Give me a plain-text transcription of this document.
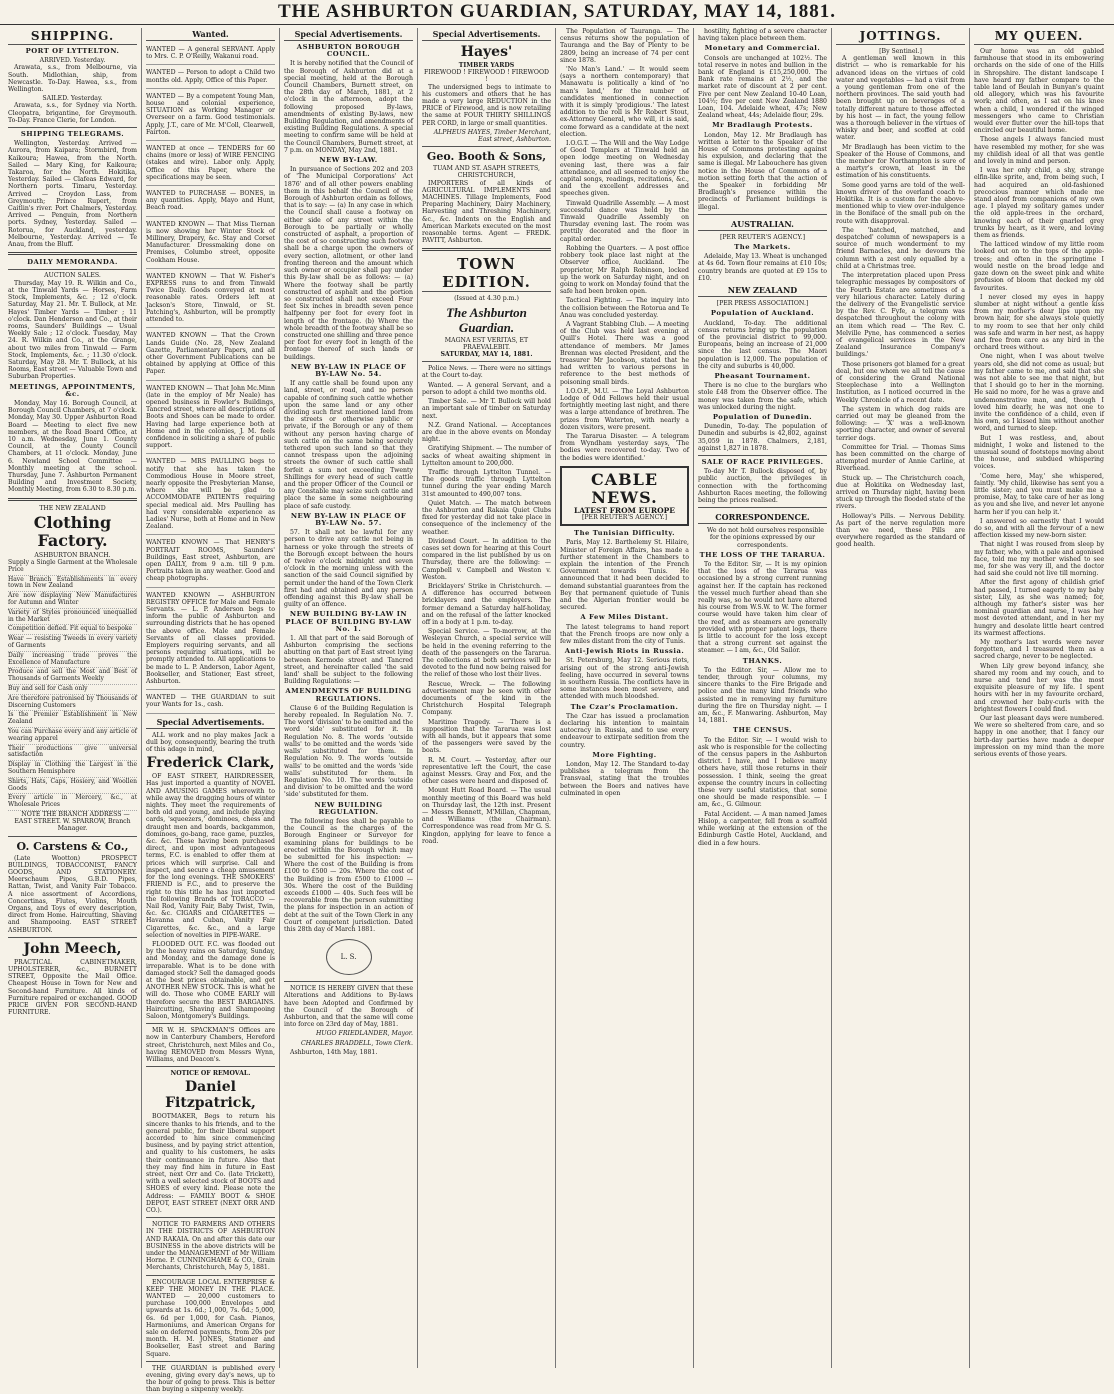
THE ASHBURTON GUARDIAN, SATURDAY, MAY 14, 1881.
SHIPPING.
PORT OF LYTTELTON.
ARRIVED. Yesterday.

Arawata, s.s., from Melbourne, via South. Midlothian, ship, from Newcastle. To-Day. Hawea, s.s., from Wellington.

SAILED. Yesterday.

Arawata, s.s., for Sydney via North. Cleopatra, brigantine, for Greymouth. To-Day. France Clerie, for London.

SHIPPING TELEGRAMS.

Wellington, Yesterday. Arrived — Aurora, from Kaipara; Stormbird, from Kaikoura; Hawea, from the North. Sailed — Mary King, for Kaikoura; Takaroa, for the North. Hokitika, Yesterday. Sailed — Clafeas Edward, for Northern ports. Timaru, Yesterday. Arrived — Croydon Lass, from Greymouth; Prince Rupert, from Caitlin's river. Port Chalmers, Yesterday. Arrived — Penguin, from Northern ports. Sydney, Yesterday. Sailed — Rotorua, for Auckland, yesterday. Melbourne, Yesterday. Arrived — Te Anau, from the Bluff.

DAILY MEMORANDA.
AUCTION SALES.

Thursday, May 19. R. Wilkin and Co., at the Tinwald Yards — Horses, Farm Stock, Implements, &c. ; 12 o'clock. Saturday, May 21. Mr. T. Bullock, at Mr. Hayes' Timber Yards — Timber ; 11 o'clock. Dan Henderson and Co., at their rooms, Saunders' Buildings — Usual Weekly Sale ; 12 o'clock. Tuesday, May 24. R. Wilkin and Co., at the Grange, about two miles from Tinwald — Farm Stock, Implements, &c. ; 11.30 o'clock. Saturday, May 28. Mr. T. Bullock, at his Rooms, East street — Valuable Town and Suburban Properties.

MEETINGS, APPOINTMENTS, &c.

Monday, May 16. Borough Council, at Borough Council Chambers, at 7 o'clock. Monday, May 30. Upper Ashburton Road Board — Meeting to elect five new members, at the Road Board Office, at 10 a.m. Wednesday, June 1. County Council, at the County Council Chambers, at 11 o'clock. Monday, June 6. Newland School Committee — Monthly meeting at the school. Thursday, June 7. Ashburton Permanent Building and Investment Society, Monthly Meeting, from 6.30 to 8.30 p.m.

THE NEW ZEALAND
Clothing Factory.
ASHBURTON BRANCH.
Supply a Single Garment at the Wholesale Price
Have Branch Establishments in every town in New Zealand
Are now displaying New Manufactures for Autumn and Winter
Variety of Styles pronounced unequalled in the Market
Competition defied. Fit equal to bespoke
Wear — resisting Tweeds in every variety of Garments
Daily increasing trade proves the Excellence of Manufacture
Produce and sell the Most and Best of Thousands of Garments Weekly
Buy and sell for Cash only
Are therefore patronised by Thousands of Discerning Customers
Is the Premier Establishment in New Zealand
You can Purchase every and any article of wearing apparel
Their productions give universal satisfaction
Display in Clothing the Largest in the Southern Hemisphere
Shirts, Hats, Caps, Hosiery, and Woollen Goods
Every article in Mercery, &c., at Wholesale Prices

NOTE THE BRANCH ADDRESS — EAST STREET. W. SPARROW, Branch Manager.

O. Carstens & Co.,

(Late Wootton) PROSPECT BUILDINGS, TOBACCONIST, FANCY GOODS, AND STATIONERY. Meerschaum Pipes, G.B.D. Pipes, Rattan, Twist, and Vanity Fair Tobacco. A nice assortment of Accordions, Concertinas, Flutes, Violins, Mouth Organs, and Toys of every description, direct from Home. Haircutting, Shaving and Shampooing. EAST STREET ASHBURTON.

John Meech,

PRACTICAL CABINETMAKER, UPHOLSTERER, &c., BURNETT STREET, Opposite the Mail Office. Cheapest House in Town for New and Second-hand Furniture. All kinds of Furniture repaired or exchanged. GOOD PRICE GIVEN FOR SECOND-HAND FURNITURE.

Wanted.

WANTED — A general SERVANT. Apply to Mrs. C. P. O'Reilly, Wakanui road.

WANTED — Person to adopt a Child two months old. Apply, Office of this Paper.

WANTED — By a competent Young Man, house and colonial experience, SITUATION as Working Manager or Overseer on a farm. Good testimonials. Apply, J.T., care of Mr. M'Coll, Clearwell, Fairton.

WANTED at once — TENDERS for 60 chains (more or less) of WIRE FENCING (stakes and wire). Labor only. Apply, Office of this Paper, where the specifications may be seen.

WANTED to PURCHASE — BONES, in any quantities. Apply, Mayo and Hunt, Beach road.

WANTED KNOWN — That Miss Tiernan is now showing her Winter Stock of Millinery, Drapery, &c. Stay and Corset Manufacturer. Dressmaking done on Premises, Columbo street, opposite Cookham House.

WANTED KNOWN — That W. Fisher's EXPRESS runs to and from Tinwald Twice Daily. Goods conveyed at most reasonable rates. Orders left at Jackson's Store, Tinwald, or St. Patching's, Ashburton, will be promptly attended to.

WANTED KNOWN — That the Crown Lands Guide (No. 28, New Zealand Gazette, Parliamentary Papers, and all other Government Publications can be obtained by applying at Office of this Paper.

WANTED KNOWN — That John Mc.Minn (late in the employ of Mr Neale) has opened business in Fowler's Buildings, Tancred street, where all descriptions of Boots and Shoes can be made to order. Having had large experience both at Home and in the colonies, J. M. feels confidence in soliciting a share of public support.

WANTED — MRS PAULLING begs to notify that she has taken the Commodious House in Moore street, nearly opposite the Presbyterian Manse, where she will be glad to ACCOMMODATE PATIENTS requiring special medical aid. Mrs Paulling has had very considerable experience as Ladies' Nurse, both at Home and in New Zealand.

WANTED KNOWN — That HENRY'S PORTRAIT ROOMS, Saunders' Buildings, East street, Ashburton, are open DAILY, from 9 a.m. till 9 p.m. Portraits taken in any weather. Good and cheap photographs.

WANTED KNOWN — ASHBURTON REGISTRY OFFICE for Male and Female Servants. — L. P. Anderson begs to inform the public of Ashburton and surrounding districts that he has opened the above office. Male and Female Servants of all classes provided. Employers requiring servants, and all persons requiring situations, will be promptly attended to. All applications to be made to L. P. Anderson, Labor Agent, Bookseller, and Stationer, East street, Ashburton.

WANTED — THE GUARDIAN to suit your Wants for 1s., cash.

Special Advertisements.

ALL work and no play makes Jack a dull boy, consequently, bearing the truth of this adage in mind,

Frederick Clark,

OF EAST STREET, HAIRDRESSER, Has just imported a quantity of NOVEL AND AMUSING GAMES wherewith to while away the dragging hours of winter nights. They meet the requirements of both old and young, and include playing cards, 'squeezers,' dominoes, chess and draught men and boards, backgammon, dominoes, go-bang, race game, puzzles, &c. &c. These having been purchased direct, and upon most advantageous terms, F.C. is enabled to offer them at prices which will surprise. Call and inspect, and secure a cheap amusement for the long evenings. THE SMOKERS' FRIEND is F.C., and to preserve the right to this title he has just imported the following Brands of TOBACCO — Nail Rod, Vanity Fair, Baby Twist, Twin, &c. &c. CIGARS and CIGARETTES — Havanna and Cuban, Vanity Fair Cigarettes, &c. &c., and a large selection of novelties in PIPE-WARE.

FLOODED OUT. F.C. was flooded out by the heavy rains on Saturday, Sunday, and Monday, and the damage done is irreparable. What is to be done with damaged stock? Sell the damaged goods at the best prices obtainable, and get ANOTHER NEW STOCK. This is what he will do. Those who COME EARLY will therefore secure the BEST BARGAINS. Haircutting, Shaving and Shampooing Saloon, Montgomery's Buildings.

MR W. H. SPACKMAN'S Offices are now in Canterbury Chambers, Hereford street, Christchurch, next Miles and Co., having REMOVED from Messrs Wynn, Williams, and Deacon's.

NOTICE OF REMOVAL.
Daniel Fitzpatrick,

BOOTMAKER, Begs to return his sincere thanks to his friends, and to the general public, for their liberal support accorded to him since commencing business, and by paying strict attention, and quality to his customers, he asks their continuance in future. Also that they may find him in future in East street, next Orr and Co. (late Trickett), with a well selected stock of BOOTS and SHOES of every kind. Please note the Address: — FAMILY BOOT & SHOE DEPOT, EAST STREET (NEXT ORR AND CO.).

NOTICE TO FARMERS AND OTHERS IN THE DISTRICTS OF ASHBURTON AND RAKAIA. On and after this date our BUSINESS in the above districts will be under the MANAGEMENT of Mr William Horne. P. CUNNINGHAME & CO., Grain Merchants, Christchurch, May 5, 1881.

ENCOURAGE LOCAL ENTERPRISE & KEEP THE MONEY IN THE PLACE. WANTED — 20,000 customers to purchase 100,000 Envelopes and upwards at 1s. 6d.; 1,000, 7s. 6d.; 5,000, 6s. 6d per 1,000, for Cash. Pianos, Harmoniums, and American Organs for sale on deferred payments, from 20s per month. H. M. JONES, Stationer and Bookseller, East street and Baring Square.

THE GUARDIAN is published every evening, giving every day's news, up to the hour of going to press. This is better than buying a sixpenny weekly.

Special Advertisements.
ASHBURTON BOROUGH COUNCIL.

It is hereby notified that the Council of the Borough of Ashburton did at a special meeting, held at the Borough Council Chambers, Burnett street, on the 28th day of March, 1881, at 2 o'clock in the afternoon, adopt the following proposed By-laws, amendments of existing By-laws, new Building Regulation, and amendments of existing Building Regulations. A special meeting to confirm same will be held at the Council Chambers, Burnett street, at 7 p.m. on MONDAY, May 2nd, 1881.

NEW BY-LAW.

In pursuance of Sections 202 and 203 of 'The Municipal Corporations' Act 1876' and of all other powers enabling them in this behalf the Council of the Borough of Ashburton ordain as follows, that is to say: — (a) In any case in which the Council shall cause a footway on either side of any street within the Borough to be partially or wholly constructed of asphalt, a proportion of the cost of so constructing such footway shall be a charge upon the owners of every section, allotment, or other land fronting thereon and the amount which such owner or occupier shall pay under this By-law shall be as follows: — (a) Where the footway shall be partly constructed of asphalt and the portion so constructed shall not exceed Four feet Six inches in breadth seven pence halfpenny per foot for every foot in length of the frontage. (b) Where the whole breadth of the footway shall be so constructed one shilling and three pence per foot for every foot in length of the frontage thereof of such lands or buildings.

NEW BY-LAW IN PLACE OF BY-LAW No. 54.

If any cattle shall be found upon any land, street, or road, and no person capable of confining such cattle whether upon the same land or any other dividing such first mentioned land from the streets or otherwise public or private, if the Borough or any of them without any person having charge of such cattle on the same being securely tethered upon such land so that they cannot trespass upon the adjoining streets the owner of such cattle shall forfeit a sum not exceeding Twenty Shillings for every head of such cattle and the proper Officer of the Council or any Constable may seize such cattle and place the same in some neighbouring place of safe custody.

NEW BY-LAW IN PLACE OF BY-LAW No. 57.

57. It shall not be lawful for any person to drive any cattle not being in harness or yoke through the streets of the Borough except between the hours of twelve o'clock midnight and seven o'clock in the morning unless with the sanction of the said Council signified by permit under the hand of the Town Clerk first had and obtained and any person offending against this By-law shall be guilty of an offence.

NEW BUILDING BY-LAW IN PLACE OF BUILDING BY-LAW No. 1.

1. All that part of the said Borough of Ashburton comprising the sections abutting on that part of East street lying between Kermode street and Tancred street, and hereinafter called 'the said land' shall be subject to the following Building Regulations: —

AMENDMENTS OF BUILDING REGULATIONS.

Clause 6 of the Building Regulation is hereby repealed. In Regulation No. 7. The word 'division' to be omitted and the word 'side' substituted for it. In Regulation No. 8. The words 'outside walls' to be omitted and the words 'side walls' substituted for them. In Regulation No. 9. The words 'outside walls' to be omitted and the words 'side walls' substituted for them. In Regulation No. 10. The words 'outside and division' to be omitted and the word 'side' substituted for them.

NEW BUILDING REGULATION.

The following fees shall be payable to the Council as the charges of the Borough Engineer or Surveyor for examining plans for buildings to be erected within the Borough which may be submitted for his inspection: — Where the cost of the Building is from £100 to £500 — 20s. Where the cost of the Building is from £500 to £1000 — 30s. Where the cost of the Building exceeds £1000 — 40s. Such fees will be recoverable from the person submitting the plans for inspection in an action of debt at the suit of the Town Clerk in any Court of competent jurisdiction. Dated this 28th day of March 1881.

L. S.

NOTICE IS HEREBY GIVEN that these Alterations and Additions to By-laws have been Adopted and Confirmed by the Council of the Borough of Ashburton, and that the same will come into force on 23rd day of May, 1881.

HUGO FRIEDLANDER, Mayor.

CHARLES BRADDELL, Town Clerk.

Ashburton, 14th May, 1881.

Special Advertisements.
Hayes'
TIMBER YARDS
FIREWOOD ! FIREWOOD ! FIREWOOD !

The undersigned begs to intimate to his customers and others that he has made a very large REDUCTION in the PRICE of Firewood, and is now retailing the same at FOUR THIRTY SHILLINGS PER CORD, in large or small quantities.

ALPHEUS HAYES, Timber Merchant, East street, Ashburton.

Geo. Booth & Sons,
TUAM AND ST. ASAPH STREETS, CHRISTCHURCH,

IMPORTERS of all kinds of AGRICULTURAL IMPLEMENTS and MACHINES. Tillage Implements, Food Preparing Machinery, Dairy Machinery, Harvesting and Threshing Machinery, &c., &c. Indents on the English and American Markets executed on the most reasonable terms. Agent — FREDK. PAVITT, Ashburton.

TOWN EDITION.
(Issued at 4.30 p.m.)
The Ashburton Guardian.
MAGNA EST VERITAS, ET PRAEVALEBIT.
SATURDAY, MAY 14, 1881.

Police News. — There were no sittings at the Court to-day.

Wanted. — A general Servant, and a person to adopt a child two months old.

Timber Sale. — Mr T. Bullock will hold an important sale of timber on Saturday next.

N.Z. Grand National. — Acceptances are due in the above events on Monday night.

Gratifying Shipment. — The number of sacks of wheat awaiting shipment in Lyttelton amount to 200,000.

Traffic through Lyttelton Tunnel. — The goods traffic through Lyttelton tunnel during the year ending March 31st amounted to 490,007 tons.

Quiet Match. — The match between the Ashburton and Rakaia Quiet Clubs fixed for yesterday did not take place in consequence of the inclemency of the weather.

Dividend Court. — In addition to the cases set down for hearing at this Court compared in the list published by us on Thursday, there are the following: — Campbell v. Campbell and Weston v. Weston.

Bricklayers' Strike in Christchurch. — A difference has occurred between bricklayers and the employers. The former demand a Saturday half-holiday, and on the refusal of the latter knocked off in a body at 1 p.m. to-day.

Special Service. — To-morrow, at the Wesleyan Church, a special service will be held in the evening referring to the death of the passengers on the Tararua. The collections at both services will be devoted to the fund now being raised for the relief of those who lost their lives.

Rescue, Wreck. — The following advertisement may be seen with other documents of the kind in the Christchurch Hospital Telegraph Company.

Maritime Tragedy. — There is a supposition that the Tararua was lost with all hands, but it appears that some of the passengers were saved by the boats.

R. M. Court. — Yesterday, after our representative left the Court, the case against Messrs. Gray and Fox, and the other cases were heard and disposed of.

Mount Hutt Road Board. — The usual monthly meeting of this Board was held on Thursday last, the 12th inst. Present — Messrs Bennett, M'Millan, Chapman, and Williams (the Chairman). Correspondence was read from Mr G. S. Kingdon, applying for leave to fence a road.

The Population of Tauranga. — The census returns show the population of Tauranga and the Bay of Plenty to be 2809, being an increase of 74 per cent since 1878.

'No Man's Land.' — It would seem (says a northern contemporary) that Manawatu is politically a kind of 'no man's land,' for the number of candidates mentioned in connection with it is simply 'prodigious.' The latest addition to the roll is Mr Robert Stout, ex-Attorney General, who will, it is said, come forward as a candidate at the next election.

I.O.G.T. — The Will and the Way Lodge of Good Templars at Tinwald held an open lodge meeting on Wednesday evening last, there was a fair attendance, and all seemed to enjoy the capital songs, readings, recitations, &c., and the excellent addresses and speeches given.

Tinwald Quadrille Assembly. — A most successful dance was held by the Tinwald Quadrille Assembly on Thursday evening last. The room was prettily decorated and the floor in capital order.

Robbing the Quarters. — A post office robbery took place last night at the Observer office, Auckland. The proprietor, Mr Ralph Robinson, locked up the work on Saturday night, and on going to work on Monday found that the safe had been broken open.

Tactical Fighting. — The inquiry into the collision between the Rotorua and Te Anau was concluded yesterday.

A Vagrant Stabbing Club. — A meeting of the Club was held last evening at Quill's Hotel. There was a good attendance of members. Mr James Brennan was elected President, and the treasurer Mr Jacobson, stated that he had written to various persons in reference to the best methods of poisoning small birds.

I.O.O.F., M.U. — The Loyal Ashburton Lodge of Odd Fellows held their usual fortnightly meeting last night, and there was a large attendance of brethren. The prizes from Waterton, with nearly a dozen visitors, were present.

The Tararua Disaster. — A telegram from Wyndham yesterday says, 'The bodies were recovered to-day. Two of the bodies were identified.'

CABLE NEWS.
LATEST FROM EUROPE
[PER REUTER'S AGENCY.]
The Tunisian Difficulty.

Paris, May 12. Barthelemy St. Hilaire, Minister of Foreign Affairs, has made a further statement in the Chambers to explain the intention of the French Government towards Tunis. He announced that it had been decided to demand substantial guarantees from the Bey that permanent quietude of Tunis and the Algerian frontier would be secured.

A Few Miles Distant.

The latest telegrams to hand report that the French troops are now only a few miles distant from the city of Tunis.

Anti-Jewish Riots in Russia.

St. Petersburg, May 12. Serious riots, arising out of the strong anti-Jewish feeling, have occurred in several towns in southern Russia. The conflicts have in some instances been most severe, and attended with much bloodshed.

The Czar's Proclamation.

The Czar has issued a proclamation declaring his intention to maintain autocracy in Russia, and to use every endeavour to extirpate sedition from the country.

More Fighting.

London, May 12. The Standard to-day publishes a telegram from the Transvaal, stating that the troubles between the Boers and natives have culminated in open

hostility, fighting of a severe character having taken place between them.

Monetary and Commercial.

Consols are unchanged at 102½. The total reserve in notes and bullion in the bank of England is £15,250,000. The Bank rate remains at 2½, and the market rate of discount at 2 per cent. Five per cent New Zealand 10-40 Loan, 104½; five per cent New Zealand 1880 Loan, 104. Adelaide wheat, 47s; New Zealand wheat, 44s; Adelaide flour, 29s.

Mr Bradlaugh Protests.

London, May 12. Mr Bradlaugh has written a letter to the Speaker of the House of Commons protesting against his expulsion, and declaring that the same is illegal. Mr Labouchere has given notice in the House of Commons of a motion setting forth that the action of the Speaker in forbidding Mr Bradlaugh's presence within the precincts of Parliament buildings is illegal.

AUSTRALIAN.
[PER REUTER'S AGENCY.]
The Markets.

Adelaide, May 13. Wheat is unchanged at 4s 6d. Town flour remains at £10 10s; country brands are quoted at £9 15s to £10.

NEW ZEALAND
[PER PRESS ASSOCIATION.]
Population of Auckland.

Auckland, To-day. The additional census returns bring up the population of the provincial district to 99,000. Europeans, being an increase of 21,000 since the last census. The Maori population is 12,000. The population of the city and suburbs is 40,000.

Pheasant Tournament.

There is no clue to the burglars who stole £48 from the Observer office. The money was taken from the safe, which was unlocked during the night.

Population of Dunedin.

Dunedin, To-day. The population of Dunedin and suburbs is 42,802, against 35,059 in 1878. Chalmers, 2,181, against 1,827 in 1878.

SALE OF RACE PRIVILEGES.

To-day Mr T. Bullock disposed of, by public auction, the privileges in connection with the forthcoming Ashburton Races meeting, the following being the prices realised.

CORRESPONDENCE.

We do not hold ourselves responsible for the opinions expressed by our correspondents.

THE LOSS OF THE TARARUA.

To the Editor. Sir, — It is my opinion that the loss of the Tararua was occasioned by a strong current running against her. If the captain has reckoned the vessel much further ahead than she really was, so he would not have altered his course from W.S.W. to W. The former course would have taken him clear of the reef, and as steamers are generally provided with proper patent logs, there is little to account for the loss except that a strong current set against the steamer. — I am, &c., Old Sailor.

THANKS.

To the Editor. Sir, — Allow me to tender, through your columns, my sincere thanks to the Fire Brigade and police and the many kind friends who assisted me in removing my furniture during the fire on Thursday night. — I am, &c., F. Manwaring. Ashburton, May 14, 1881.

THE CENSUS.

To the Editor. Sir, — I would wish to ask who is responsible for the collecting of the census papers in the Ashburton district. I have, and I believe many others have, still those returns in their possession. I think, seeing the great expense the country incurs in collecting these very useful statistics, that some one should be made responsible. — I am, &c., G. Gilmour.

Fatal Accident. — A man named James Hislop, a carpenter, fell from a scaffold while working at the extension of the Edinburgh Castle Hotel, Auckland, and died in a few hours.

JOTTINGS.
[By Sentinel.]

A gentleman well known in this district — who is remarkable for his advanced ideas on the virtues of cold water and vegetables — had a visit from a young gentleman from one of the northern provinces. The said youth had been brought up on beverages of a totally different nature to those affected by his host — in fact, the young fellow was a thorough believer in the virtues of whisky and beer, and scoffed at cold water.

Mr Bradlaugh has been victim to the Speaker of the House of Commons, and the member for Northampton is sure of a martyr's crown, at least in the estimation of his constituents.

Some good yarns are told of the well-known driver of the overland coach to Hokitika. It is a custom for the above-mentioned whip to view over-indulgence in the Boniface of the small pub on the route with disapproval.

The 'hatched, matched, and despatched' column of newspapers is a source of much wonderment to my friend Barnacles, and he devours the column with a zest only equalled by a child at a Christmas tree.

The interpretation placed upon Press telegraphic messages by compositors of the Fourth Estate are sometimes of a very hilarious character. Lately during the delivery of the Evangelistic service by the Rev. C. Fyfe, a telegram was despatched throughout the colony with an item which read — 'The Rev. C. Melville Pyne, has commenced a series of evangelical services in the New Zealand Insurance Company's buildings.'

Those prisoners got blamed for a great deal, but one whom we all tell the cause of considering the Grand National Steeplechase into a Wellington Institution, as I noticed occurred in the Weekly Chronicle of a recent date.

The system in which dog raids are carried out may be gleaned from the following: — 'X' was a well-known sporting character, and owner of several terrier dogs.

Committee for Trial. — Thomas Sims has been committed on the charge of attempted murder of Annie Carline, at Riverhead.

Stuck up. — The Christchurch coach, due at Hokitika on Wednesday last, arrived on Thursday night, having been stuck up through the flooded state of the rivers.

Holloway's Pills. — Nervous Debility. As part of the nerve regulation more than we need, these Pills are everywhere regarded as the standard of good health.

MY QUEEN.

Our home was an old gabled farmhouse that stood in its embowering orchards on the side of one of the Hills in Shropshire. The distant landscape I have heard my father compare to the table land of Beulah in Bunyan's quaint old allegory, which was his favourite work; and often, as I sat on his knee when a child, I wondered if the winged messengers who came to Christian would ever flutter over the hill-tops that encircled our beautiful home.

Those angels I always fancied must have resembled my mother, for she was my childish ideal of all that was gentle and lovely in mind and person.

I was her only child, a shy, strange elfin-like sprite, and, from being such, I had acquired an old-fashioned precocious manner which made me stand aloof from companions of my own age. I played my solitary games under the old apple-trees in the orchard, knowing each of their gnarled grey trunks by heart, as it were, and loving them as friends.

The latticed window of my little room looked out on to the tops of the apple-trees; and often in the springtime I would nestle on the broad ledge and gaze down on the sweet pink and white profusion of bloom that decked my old favourites.

I never closed my eyes in happy slumber at night without a gentle kiss from my mother's dear lips upon my brown hair, for she always stole quietly to my room to see that her only child was safe and warm in her nest, as happy and free from care as any bird in the orchard trees without.

One night, when I was about twelve years old, she did not come as usual; but my father came to me, and said that she was not able to see me that night, but that I should go to her in the morning. He said no more, for he was a grave and undemonstrative man, and, though I loved him dearly, he was not one to invite the confidence of a child, even if his own, so I kissed him without another word, and turned to sleep.

But I was restless, and, about midnight, I woke and listened to the unusual sound of footsteps moving about the house, and subdued whispering voices.

'Come here, May,' she whispered, faintly. 'My child, likewise has sent you a little sister; and you must make me a promise, May, to take care of her as long as you and she live, and never let anyone harm her if you can help it.'

I answered so earnestly that I would do so, and with all the fervour of a new affection kissed my new-born sister.

That night I was roused from sleep by my father, who, with a pale and agonised face, told me my mother wished to see me, for she was very ill, and the doctor had said she could not live till morning.

After the first agony of childish grief had passed, I turned eagerly to my baby sister, Lily, as she was named; for, although my father's sister was her nominal guardian and nurse, I was her most devoted attendant, and in her my hungry and desolate little heart centred its warmest affections.

My mother's last words were never forgotten, and I treasured them as a sacred charge, never to be neglected.

When Lily grew beyond infancy, she shared my room and my couch, and to nurse and tend her was the most exquisite pleasure of my life. I spent hours with her in my favourite orchard, and crowned her baby-curls with the brightest flowers I could find.

Our last pleasant days were numbered. We were so sheltered from care, and so happy in one another, that I fancy our birth-day parties have made a deeper impression on my mind than the more serious events of those years.
